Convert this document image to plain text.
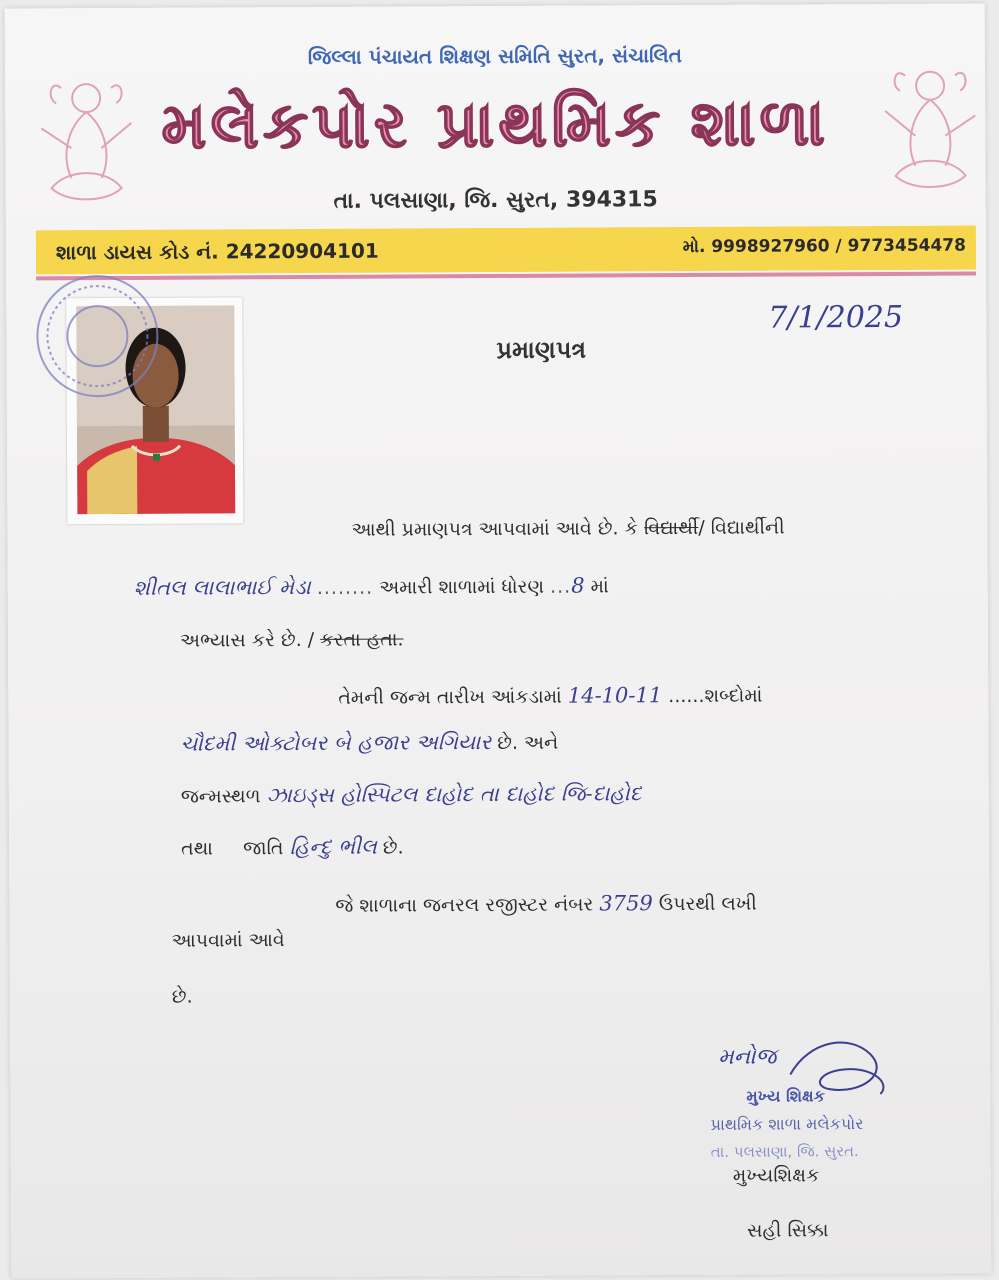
જિલ્લા પંચાયત શિક્ષણ સમિતિ સુરત, સંચાલિત
મલેકપોર પ્રાથમિક શાળા
તા. પલસાણા, જિ. સુરત, 394315
શાળા ડાયસ કોડ નં. 24220904101	મો. 9998927960 / 9773454478
પ્રમાણપત્ર
7/1/2025
આથી પ્રમાણપત્ર આપવામાં આવે છે. કે વિદ્યાર્થી/ વિદ્યાર્થીની
શીતલ લાલાભાઈ મેડા ........ અમારી શાળામાં ધોરણ ...8 માં
અભ્યાસ કરે છે. / કરતા હતા.
તેમની જન્મ તારીખ આંકડામાં 14-10-11 ......શબ્દોમાં
ચૌદમી ઓક્ટોબર બે હજાર અગિયાર છે. અને
જન્મસ્થળ ઝાઇડ્સ હોસ્પિટલ દાહોદ તા દાહોદ જિ-દાહોદ
તથા જાતિ હિન્દુ ભીલ છે.
જે શાળાના જનરલ રજીસ્ટર નંબર 3759 ઉપરથી લખી
આપવામાં આવે
છે.
મનોજ
મુખ્ય શિક્ષક
પ્રાથમિક શાળા મલેકપોર
તા. પલસાણા, જિ. સુરત.
મુખ્યશિક્ષક
સહી સિક્કા
